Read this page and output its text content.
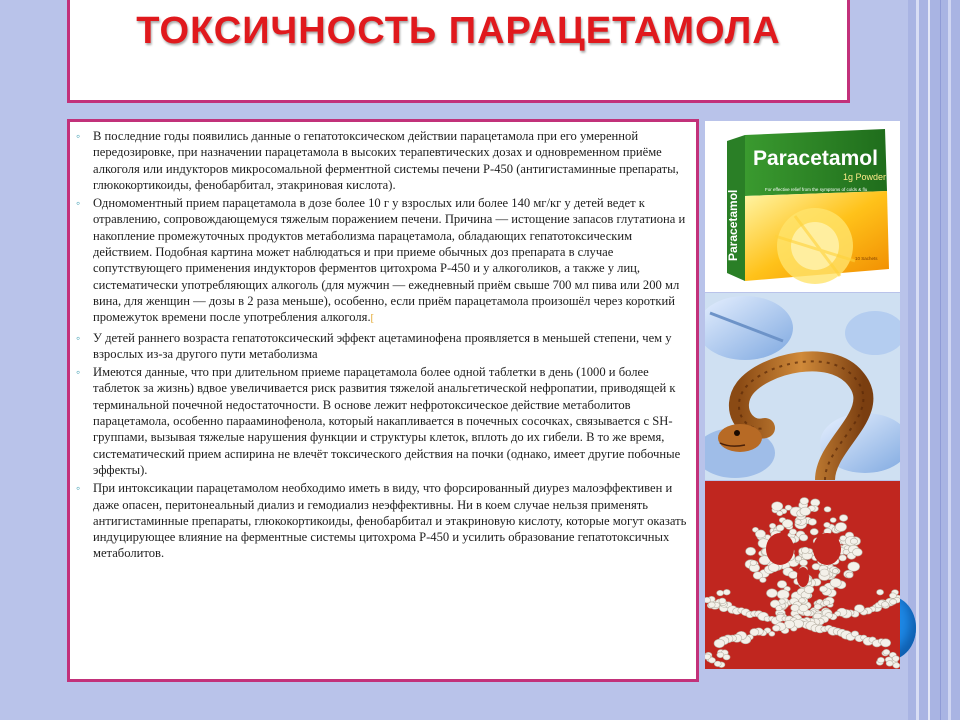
ТОКСИЧНОСТЬ ПАРАЦЕТАМОЛА
◦ В последние годы появились данные о гепатотоксическом действии парацетамола при его умеренной передозировке, при назначении парацетамола в высоких терапевтических дозах и одновременном приёме алкоголя или индукторов микросомальной ферментной системы печени Р-450 (антигистаминные препараты, глюкокортикоиды, фенобарбитал, этакриновая кислота).
◦ Одномоментный прием парацетамола в дозе более 10 г у взрослых или более 140 мг/кг у детей ведет к отравлению, сопровождающемуся тяжелым поражением печени. Причина — истощение запасов глутатиона и накопление промежуточных продуктов метаболизма парацетамола, обладающих гепатотоксическим действием. Подобная картина может наблюдаться и при приеме обычных доз препарата в случае сопутствующего применения индукторов ферментов цитохрома Р-450 и у алкоголиков, а также у лиц, систематически употребляющих алкоголь (для мужчин — ежедневный приём свыше 700 мл пива или 200 мл вина, для женщин — дозы в 2 раза меньше), особенно, если приём парацетамола произошёл через короткий промежуток времени после употребления алкоголя.[
◦ У детей раннего возраста гепатотоксический эффект ацетаминофена проявляется в меньшей степени, чем у взрослых из-за другого пути метаболизма
◦ Имеются данные, что при длительном приеме парацетамола более одной таблетки в день (1000 и более таблеток за жизнь) вдвое увеличивается риск развития тяжелой анальгетической нефропатии, приводящей к терминальной почечной недостаточности. В основе лежит нефротоксическое действие метаболитов парацетамола, особенно парааминофенола, который накапливается в почечных сосочках, связывается с SH-группами, вызывая тяжелые нарушения функции и структуры клеток, вплоть до их гибели. В то же время, систематический прием аспирина не влечёт токсического действия на почки (однако, имеет другие побочные эффекты).
◦ При интоксикации парацетамолом необходимо иметь в виду, что форсированный диурез малоэффективен и даже опасен, перитонеальный диализ и гемодиализ неэффективны. Ни в коем случае нельзя применять антигистаминные препараты, глюкокортикоиды, фенобарбитал и этакриновую кислоту, которые могут оказать индуцирующее влияние на ферментные системы цитохрома Р-450 и усилить образование гепатотоксичных метаболитов.
Paracetamol
1g Powder
For effective relief from the symptoms of colds & flu
10 Sachets
Paracetamol
